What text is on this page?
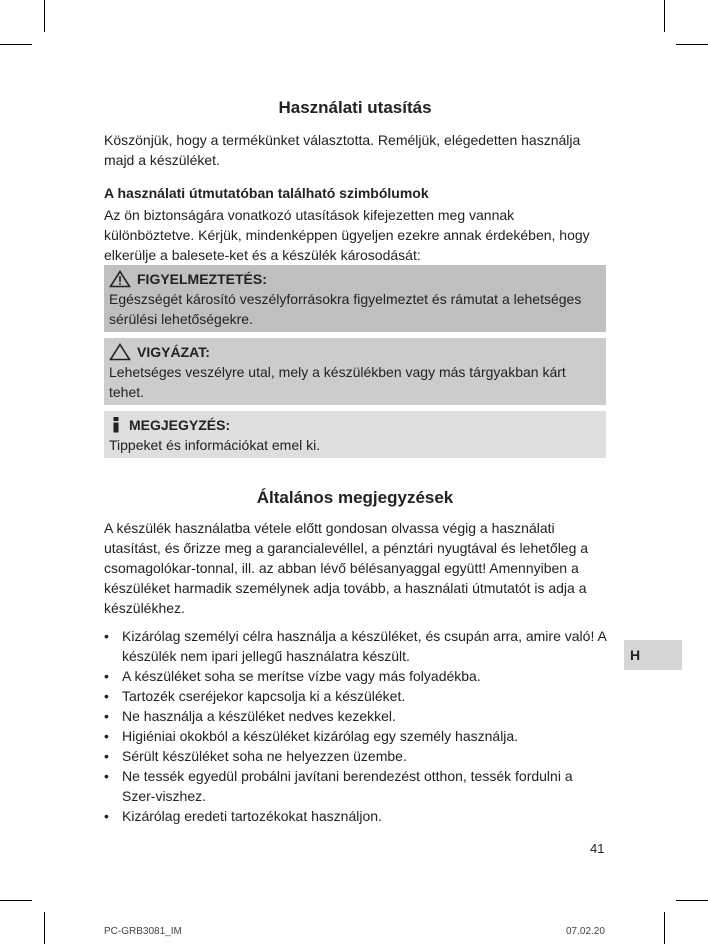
Használati utasítás

Köszönjük, hogy a termékünket választotta. Reméljük, elégedetten használja majd a készüléket.

A használati útmutatóban található szimbólumok

Az ön biztonságára vonatkozó utasítások kifejezetten meg vannak különböztetve. Kérjük, mindenképpen ügyeljen ezekre annak érdekében, hogy elkerülje a balesete-ket és a készülék károsodását:

FIGYELMEZTETÉS:
Egészségét károsító veszélyforrásokra figyelmeztet és rámutat a lehetséges sérülési lehetőségekre.
VIGYÁZAT:
Lehetséges veszélyre utal, mely a készülékben vagy más tárgyakban kárt tehet.
MEGJEGYZÉS:
Tippeket és információkat emel ki.
Általános megjegyzések

A készülék használatba vétele előtt gondosan olvassa végig a használati utasítást, és őrizze meg a garancialevéllel, a pénztári nyugtával és lehetőleg a csomagolókar-tonnal, ill. az abban lévő bélésanyaggal együtt! Amennyiben a készüléket harmadik személynek adja tovább, a használati útmutatót is adja a készülékhez.

• Kizárólag személyi célra használja a készüléket, és csupán arra, amire való! A készülék nem ipari jellegű használatra készült.
• A készüléket soha se merítse vízbe vagy más folyadékba.
• Tartozék cseréjekor kapcsolja ki a készüléket.
• Ne használja a készüléket nedves kezekkel.
• Higiéniai okokból a készüléket kizárólag egy személy használja.
• Sérült készüléket soha ne helyezzen üzembe.
• Ne tessék egyedül probálni javítani berendezést otthon, tessék fordulni a Szer-viszhez.
• Kizárólag eredeti tartozékokat használjon.
H
41
PC-GRB3081_IM	07.02.20
